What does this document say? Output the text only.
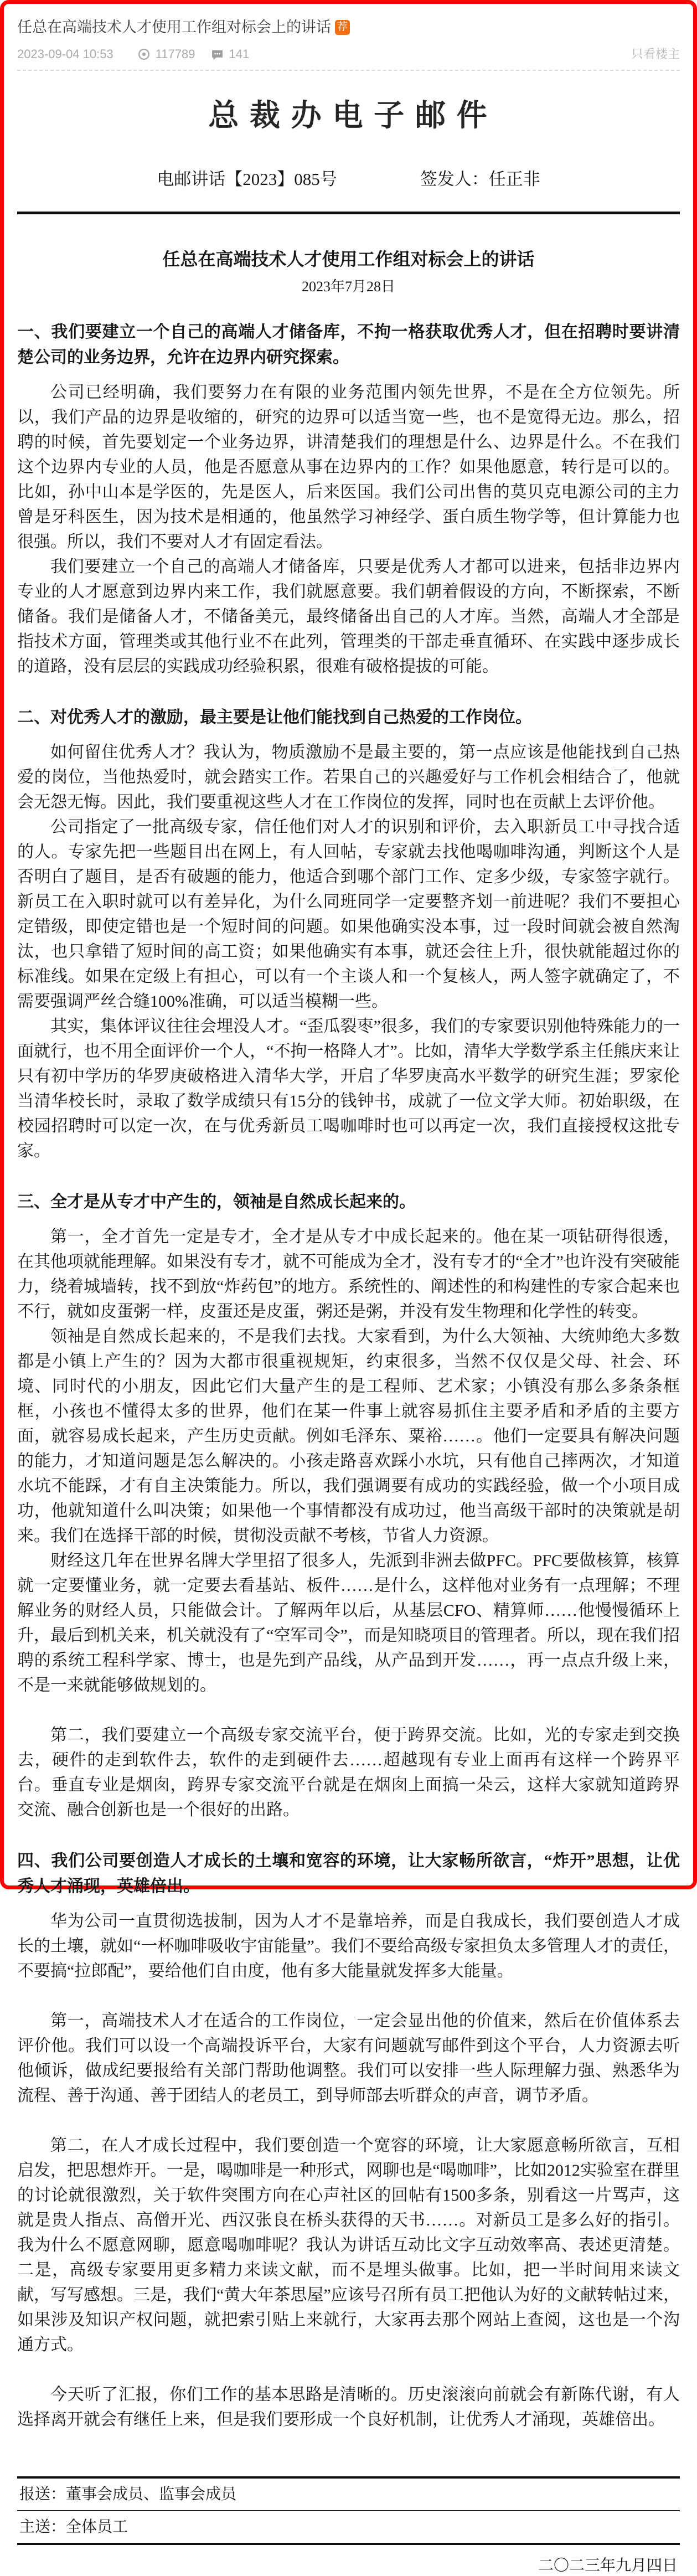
任总在高端技术人才使用工作组对标会上的讲话 荐
2023-09-04 10:53	117789	141	只看楼主
总 裁 办 电 子 邮 件
电邮讲话【2023】085号	签发人：任正非
任总在高端技术人才使用工作组对标会上的讲话
2023年7月28日
一、我们要建立一个自己的高端人才储备库，不拘一格获取优秀人才，但在招聘时要讲清楚公司的业务边界，允许在边界内研究探索。

公司已经明确，我们要努力在有限的业务范围内领先世界，不是在全方位领先。所以，我们产品的边界是收缩的，研究的边界可以适当宽一些，也不是宽得无边。那么，招聘的时候，首先要划定一个业务边界，讲清楚我们的理想是什么、边界是什么。不在我们这个边界内专业的人员，他是否愿意从事在边界内的工作？如果他愿意，转行是可以的。比如，孙中山本是学医的，先是医人，后来医国。我们公司出售的莫贝克电源公司的主力曾是牙科医生，因为技术是相通的，他虽然学习神经学、蛋白质生物学等，但计算能力也很强。所以，我们不要对人才有固定看法。

我们要建立一个自己的高端人才储备库，只要是优秀人才都可以进来，包括非边界内专业的人才愿意到边界内来工作，我们就愿意要。我们朝着假设的方向，不断探索，不断储备。我们是储备人才，不储备美元，最终储备出自己的人才库。当然，高端人才全部是指技术方面，管理类或其他行业不在此列，管理类的干部走垂直循环、在实践中逐步成长的道路，没有层层的实践成功经验积累，很难有破格提拔的可能。

二、对优秀人才的激励，最主要是让他们能找到自己热爱的工作岗位。

如何留住优秀人才？我认为，物质激励不是最主要的，第一点应该是他能找到自己热爱的岗位，当他热爱时，就会踏实工作。若果自己的兴趣爱好与工作机会相结合了，他就会无怨无悔。因此，我们要重视这些人才在工作岗位的发挥，同时也在贡献上去评价他。

公司指定了一批高级专家，信任他们对人才的识别和评价，去入职新员工中寻找合适的人。专家先把一些题目出在网上，有人回帖，专家就去找他喝咖啡沟通，判断这个人是否明白了题目，是否有破题的能力，他适合到哪个部门工作、定多少级，专家签字就行。新员工在入职时就可以有差异化，为什么同班同学一定要整齐划一前进呢？我们不要担心定错级，即使定错也是一个短时间的问题。如果他确实没本事，过一段时间就会被自然淘汰，也只拿错了短时间的高工资；如果他确实有本事，就还会往上升，很快就能超过你的标准线。如果在定级上有担心，可以有一个主谈人和一个复核人，两人签字就确定了，不需要强调严丝合缝100%准确，可以适当模糊一些。

其实，集体评议往往会埋没人才。“歪瓜裂枣”很多，我们的专家要识别他特殊能力的一面就行，也不用全面评价一个人，“不拘一格降人才”。比如，清华大学数学系主任熊庆来让只有初中学历的华罗庚破格进入清华大学，开启了华罗庚高水平数学的研究生涯；罗家伦当清华校长时，录取了数学成绩只有15分的钱钟书，成就了一位文学大师。初始职级，在校园招聘时可以定一次，在与优秀新员工喝咖啡时也可以再定一次，我们直接授权这批专家。

三、全才是从专才中产生的，领袖是自然成长起来的。

第一，全才首先一定是专才，全才是从专才中成长起来的。他在某一项钻研得很透，在其他项就能理解。如果没有专才，就不可能成为全才，没有专才的“全才”也许没有突破能力，绕着城墙转，找不到放“炸药包”的地方。系统性的、阐述性的和构建性的专家合起来也不行，就如皮蛋粥一样，皮蛋还是皮蛋，粥还是粥，并没有发生物理和化学性的转变。

领袖是自然成长起来的，不是我们去找。大家看到，为什么大领袖、大统帅绝大多数都是小镇上产生的？因为大都市很重视规矩，约束很多，当然不仅仅是父母、社会、环境、同时代的小朋友，因此它们大量产生的是工程师、艺术家；小镇没有那么多条条框框，小孩也不懂得太多的世界，他们在某一件事上就容易抓住主要矛盾和矛盾的主要方面，就容易成长起来，产生历史贡献。例如毛泽东、粟裕……。他们一定要具有解决问题的能力，才知道问题是怎么解决的。小孩走路喜欢踩小水坑，只有他自己摔两次，才知道水坑不能踩，才有自主决策能力。所以，我们强调要有成功的实践经验，做一个小项目成功，他就知道什么叫决策；如果他一个事情都没有成功过，他当高级干部时的决策就是胡来。我们在选择干部的时候，贯彻没贡献不考核，节省人力资源。

财经这几年在世界名牌大学里招了很多人，先派到非洲去做PFC。PFC要做核算，核算就一定要懂业务，就一定要去看基站、板件……是什么，这样他对业务有一点理解；不理解业务的财经人员，只能做会计。了解两年以后，从基层CFO、精算师……他慢慢循环上升，最后到机关来，机关就没有了“空军司令”，而是知晓项目的管理者。所以，现在我们招聘的系统工程科学家、博士，也是先到产品线，从产品到开发……，再一点点升级上来，不是一来就能够做规划的。

第二，我们要建立一个高级专家交流平台，便于跨界交流。比如，光的专家走到交换去，硬件的走到软件去，软件的走到硬件去……超越现有专业上面再有这样一个跨界平台。垂直专业是烟囱，跨界专家交流平台就是在烟囱上面搞一朵云，这样大家就知道跨界交流、融合创新也是一个很好的出路。

四、我们公司要创造人才成长的土壤和宽容的环境，让大家畅所欲言，“炸开”思想，让优秀人才涌现，英雄倍出。

华为公司一直贯彻选拔制，因为人才不是靠培养，而是自我成长，我们要创造人才成长的土壤，就如“一杯咖啡吸收宇宙能量”。我们不要给高级专家担负太多管理人才的责任，不要搞“拉郎配”，要给他们自由度，他有多大能量就发挥多大能量。

第一，高端技术人才在适合的工作岗位，一定会显出他的价值来，然后在价值体系去评价他。我们可以设一个高端投诉平台，大家有问题就写邮件到这个平台，人力资源去听他倾诉，做成纪要报给有关部门帮助他调整。我们可以安排一些人际理解力强、熟悉华为流程、善于沟通、善于团结人的老员工，到导师部去听群众的声音，调节矛盾。

第二，在人才成长过程中，我们要创造一个宽容的环境，让大家愿意畅所欲言，互相启发，把思想炸开。一是，喝咖啡是一种形式，网聊也是“喝咖啡”，比如2012实验室在群里的讨论就很激烈，关于软件突围方向在心声社区的回帖有1500多条，别看这一片骂声，这就是贵人指点、高僧开光、西汉张良在桥头获得的天书……。对新员工是多么好的指引。我为什么不愿意网聊，愿意喝咖啡呢？我认为讲话互动比文字互动效率高、表述更清楚。二是，高级专家要用更多精力来读文献，而不是埋头做事。比如，把一半时间用来读文献，写写感想。三是，我们“黄大年茶思屋”应该号召所有员工把他认为好的文献转帖过来，如果涉及知识产权问题，就把索引贴上来就行，大家再去那个网站上查阅，这也是一个沟通方式。

今天听了汇报，你们工作的基本思路是清晰的。历史滚滚向前就会有新陈代谢，有人选择离开就会有继任上来，但是我们要形成一个良好机制，让优秀人才涌现，英雄倍出。

报送：董事会成员、监事会成员
主送：全体员工
二〇二三年九月四日
